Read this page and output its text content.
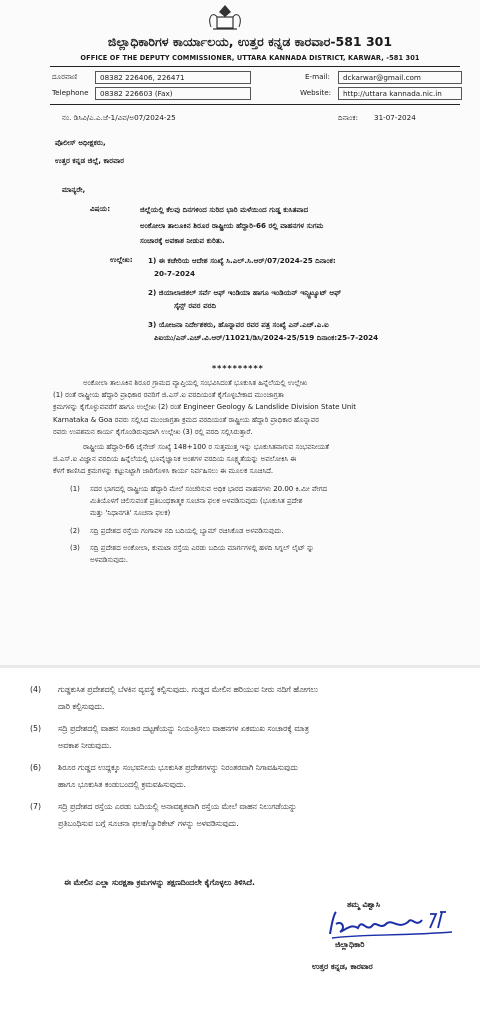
ಜಿಲ್ಲಾಧಿಕಾರಿಗಳ ಕಾರ್ಯಾಲಯ, ಉತ್ತರ ಕನ್ನಡ ಕಾರವಾರ-581 301
OFFICE OF THE DEPUTY COMMISSIONER, UTTARA KANNADA DISTRICT, KARWAR, -581 301
ದೂರವಾಣಿ	08382 226406, 226471
Telephone	08382 226603 (Fax)
E-mail:	dckarwar@gmail.com
Website:	http://uttara kannada.nic.in
ನಂ. ಡಿಸಿವಿ/ಎ.ಎ.ಜೆ-1/ವಿವ/ಅ07/2024-25	ದಿನಾಂಕ: 31-07-2024
ಪೊಲೀಸ್ ಅಧೀಕ್ಷಕರು,
ಉತ್ತರ ಕನ್ನಡ ಜಿಲ್ಲೆ, ಕಾರವಾರ
ಮಾನ್ಯರೇ,
ವಿಷಯ:	ಜಿಲ್ಲೆಯಲ್ಲಿ ಕೆಲವು ದಿನಗಳಿಂದ ಸುರಿದ ಭಾರಿ ಮಳೆಯಿಂದ ಗುಡ್ಡ ಕುಸಿತವಾದ
ಅಂಕೋಲಾ ತಾಲೂಕಿನ ಶಿರೂರ ರಾಷ್ಟ್ರೀಯ ಹೆದ್ದಾರಿ-66 ರಲ್ಲಿ ವಾಹನಗಳ ಸುಗಮ
ಸಂಚಾರಕ್ಕೆ ಅವಕಾಶ ನೀಡುವ ಕುರಿತು.
ಉಲ್ಲೇಖ: 1) ಈ ಕಚೇರಿಯ ಆದೇಶ ಸಂಖ್ಯೆ ಸಿ.ಎಲ್.ಸಿ.ಆರ್/07/2024-25 ದಿನಾಂಕ:
20-7-2024
2) ಜಿಯಾಲಾಜಿಕಲ್ ಸರ್ವೆ ಆಫ್ ಇಂಡಿಯಾ ಹಾಗೂ ಇಂಡಿಯನ್ ಇನ್ಸ್ಟಿಟ್ಯೂಟ್ ಆಫ್
ಸೈನ್ಸ್ ರವರ ವರದಿ
3) ಯೋಜನಾ ನಿರ್ದೇಶಕರು, ಹೊನ್ನಾವರ ರವರ ಪತ್ರ ಸಂಖ್ಯೆ ಎನ್.ಎಚ್.ಎ.ಐ
ಪಿಐಯು/ಎನ್.ಎಚ್.ವಿ.ಆರ್/11021/ಡಿಸಿ/2024-25/519 ದಿನಾಂಕ:25-7-2024
**********
ಅಂಕೋಲಾ ತಾಲೂಕಿನ ಶಿರೂರ ಗ್ರಾಮದ ವ್ಯಾಪ್ತಿಯಲ್ಲಿ ಸಂಭವಿಸಿದಂತೆ ಭೂಕುಸಿತ ಹಿನ್ನೆಲೆಯಲ್ಲಿ ಉಲ್ಲೇಖ
(1) ರಂತೆ ರಾಷ್ಟ್ರೀಯ ಹೆದ್ದಾರಿ ಪ್ರಾಧಿಕಾರ ರವರಿಗೆ ಜಿ.ಎಸ್.ಐ ವರದಿಯಂತೆ ಕೈಗೊಳ್ಳಬೇಕಾದ ಮುಂಜಾಗ್ರತಾ
ಕ್ರಮಗಳನ್ನು ಕೈಗೊಳ್ಳುವವರೆಗೆ ಹಾಗೂ ಉಲ್ಲೇಖ (2) ರಂತೆ Engineer Geology & Landslide Division State Unit
Karnataka & Goa ರವರು ಸಲ್ಲಿಸಿದ ಮುಂಜಾಗ್ರತಾ ಕ್ರಮದ ವರದಿಯಂತೆ ರಾಷ್ಟ್ರೀಯ ಹೆದ್ದಾರಿ ಪ್ರಾಧಿಕಾರ ಹೊನ್ನಾವರ
ರವರು ಉಪಶಮನ ಕಾರ್ಯ ಕೈಗೊಂಡಿರುವುದಾಗಿ ಉಲ್ಲೇಖ (3) ರಲ್ಲಿ ವರದಿ ಸಲ್ಲಿಸಿರುತ್ತಾರೆ.
ರಾಷ್ಟ್ರೀಯ ಹೆದ್ದಾರಿ-66 ಚೈನೇಜ್ ಸಂಖ್ಯೆ 148+100 ರ ಸುತ್ತಮುತ್ತ ಇನ್ನು ಭೂಕುಸಿತವಾಗುವ ಸಂಭವನೀಯತೆ
ಜಿ.ಎಸ್.ಐ ವಿಜ್ಞಾನ ವರದಿಯ ಹಿನ್ನೆಲೆಯಲ್ಲಿ ಭೂವೈಜ್ಞಾನಿಕ ಅಂಶಗಳ ವರದಿಯ ಸೂಕ್ಷ್ಮತೆಯನ್ನು ಅವಲೋಕಿಸಿ ಈ
ಕೆಳಗೆ ಕಾಣಿಸಿದ ಕ್ರಮಗಳನ್ನು ಕಟ್ಟುನಿಟ್ಟಾಗಿ ಜಾರಿಗೊಳಿಸಿ ಕಾರ್ಯ ನಿರ್ವಹಿಸಲು ಈ ಮೂಲಕ ಸೂಚಿಸಿದೆ.
(1)	ಸದರ ಭಾಗದಲ್ಲಿ ರಾಷ್ಟ್ರೀಯ ಹೆದ್ದಾರಿ ಮೇಲೆ ಸಂಚರಿಸುವ ಅಧಿಕ ಭಾರದ ವಾಹನಗಳು 20.00 ಕಿ.ಮೀ ವೇಗದ
ಮಿತಿಯೊಳಗೆ ಚಲಿಸುವಂತೆ ಪ್ರತಿಬಂಧಕಾತ್ಮಕ ಸೂಚನಾ ಫಲಕ ಅಳವಡಿಸುವುದು (ಭೂಕುಸಿತ ಪ್ರದೇಶ
ಮತ್ತು 'ನಿಧಾನಗತಿ' ಸೂಚನಾ ಫಲಕ)
(2)	ಸದ್ರಿ ಪ್ರದೇಶದ ರಸ್ತೆಯ ಗಂಗಾವಳಿ ನದಿ ಬದಿಯಲ್ಲಿ ಬ್ಯಾಮ್ ರಚಿಸಿಕೊಡ ಅಳವಡಿಸುವುದು.
(3)	ಸದ್ರಿ ಪ್ರದೇಶದ ಅಂಕೋಲಾ, ಕುಮಟಾ ರಸ್ತೆಯ ಎರಡು ಬದಿಯ ಮಾರ್ಗಗಳಲ್ಲಿ ಹಳದಿ ಸಿಗ್ನಲ್ ಲೈಟ್ ನ್ನು
ಅಳವಡಿಸುವುದು.
(4)	ಗುಡ್ಡಕುಸಿತ ಪ್ರದೇಶದಲ್ಲಿ ಬೆಳಕಿನ ವ್ಯವಸ್ಥೆ ಕಲ್ಪಿಸುವುದು. ಗುಡ್ಡದ ಮೇಲಿನ ಹರಿಯುವ ನೀರು ನದಿಗೆ ಹೋಗಲು
ದಾರಿ ಕಲ್ಪಿಸುವುದು.
(5)	ಸದ್ರಿ ಪ್ರದೇಶದಲ್ಲಿ ವಾಹನ ಸಂಚಾರ ದಟ್ಟಣೆಯನ್ನು ನಿಯಂತ್ರಿಸಲು ವಾಹನಗಳ ಏಕಮುಖ ಸಂಚಾರಕ್ಕೆ ಮಾತ್ರ
ಅವಕಾಶ ನೀಡುವುದು.
(6)	ಶಿರೂರ ಗುಡ್ಡದ ಉದ್ದಕ್ಕೂ ಸಂಭವನೀಯ ಭೂಕುಸಿತ ಪ್ರದೇಶಗಳನ್ನು ನಿರಂತರವಾಗಿ ನಿಗಾವಹಿಸುವುದು
ಹಾಗೂ ಭೂಕುಸಿತ ಕಂಡುಬಂದಲ್ಲಿ ಕ್ರಮವಹಿಸುವುದು.
(7)	ಸದ್ರಿ ಪ್ರದೇಶದ ರಸ್ತೆಯ ಎರಡು ಬದಿಯಲ್ಲಿ ಅನಾವಶ್ಯಕವಾಗಿ ರಸ್ತೆಯ ಮೇಲೆ ವಾಹನ ನಿಲುಗಡೆಯನ್ನು
ಪ್ರತಿಬಂಧಿಸುವ ಬಗ್ಗೆ ಸೂಚನಾ ಫಲಕ/ಬ್ಯಾರಿಕೇಟ್ ಗಳನ್ನು ಅಳವಡಿಸುವುದು.
ಈ ಮೇಲಿನ ಎಲ್ಲಾ ಸುರಕ್ಷತಾ ಕ್ರಮಗಳನ್ನು ತಕ್ಷಣದಿಂದಲೇ ಕೈಗೊಳ್ಳಲು ತಿಳಿಸಿದೆ.
ತಮ್ಮ ವಿಶ್ವಾಸಿ
ಜಿಲ್ಲಾಧಿಕಾರಿ
ಉತ್ತರ ಕನ್ನಡ, ಕಾರವಾರ
